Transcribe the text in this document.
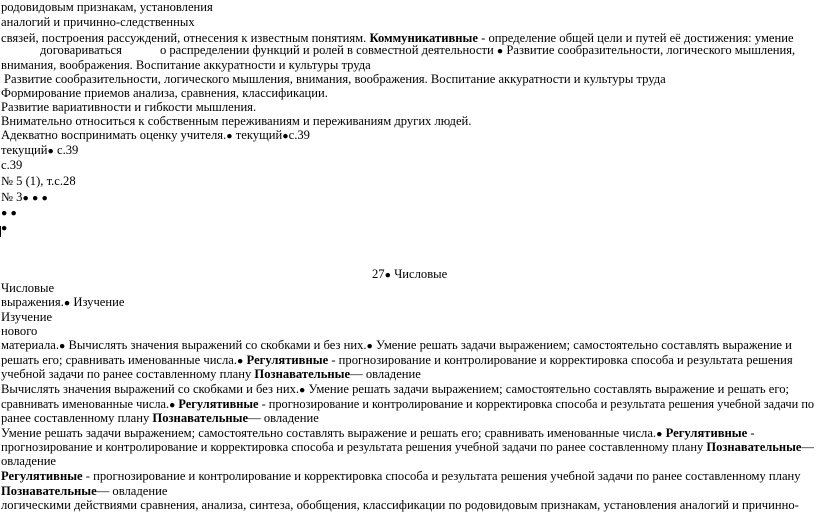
родовидовым признакам, установления
аналогий и причинно-следственных
связей, построения рассуждений, отнесения к известным понятиям. Коммуникативные - определение общей цели и путей её достижения: умение
договариваться	о распределении функций и ролей в совместной деятельности ● Развитие сообразительности, логического мышления,
внимания, воображения. Воспитание аккуратности и культуры труда
Развитие сообразительности, логического мышления, внимания, воображения. Воспитание аккуратности и культуры труда
Формирование приемов анализа, сравнения, классификации.
Развитие вариативности и гибкости мышления.
Внимательно относиться к собственным переживаниям и переживаниям других людей.
Адекватно воспринимать оценку учителя.● текущий●с.39
текущий● с.39
с.39
№ 5 (1), т.с.28
№ 3● ● ●
● ●
●
27● Числовые
Числовые
выражения.● Изучение
Изучение
нового
материала.● Вычислять значения выражений со скобками и без них.● Умение решать задачи выражением; самостоятельно составлять выражение и
решать его; сравнивать именованные числа.● Регулятивные - прогнозирование и контролирование и корректировка способа и результата решения
учебной задачи по ранее составленному плану Познавательные— овладение
Вычислять значения выражений со скобками и без них.● Умение решать задачи выражением; самостоятельно составлять выражение и решать его;
сравнивать именованные числа.● Регулятивные - прогнозирование и контролирование и корректировка способа и результата решения учебной задачи по
ранее составленному плану Познавательные— овладение
Умение решать задачи выражением; самостоятельно составлять выражение и решать его; сравнивать именованные числа.● Регулятивные -
прогнозирование и контролирование и корректировка способа и результата решения учебной задачи по ранее составленному плану Познавательные—
овладение
Регулятивные - прогнозирование и контролирование и корректировка способа и результата решения учебной задачи по ранее составленному плану
Познавательные— овладение
логическими действиями сравнения, анализа, синтеза, обобщения, классификации по родовидовым признакам, установления аналогий и причинно-
